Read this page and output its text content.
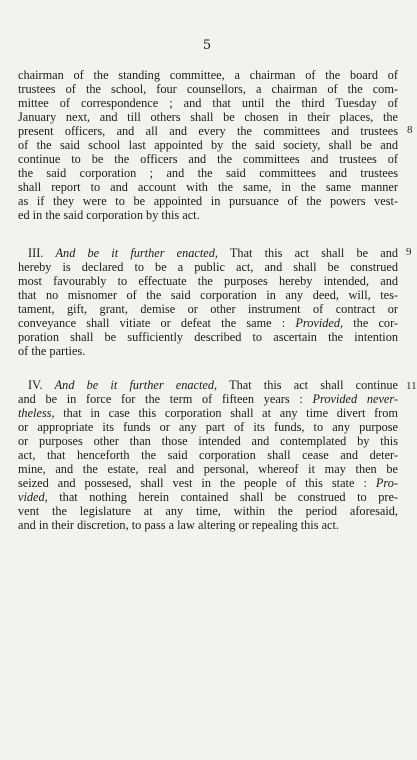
5
chairman of the standing committee, a chairman of the board of
trustees of the school, four counsellors, a chairman of the com-
mittee of correspondence ; and that until the third Tuesday of
January next, and till others shall be chosen in their places, the
present officers, and all and every the committees and trustees
of the said school last appointed by the said society, shall be and
continue to be the officers and the committees and trustees of
the said corporation ; and the said committees and trustees
shall report to and account with the same, in the same manner
as if they were to be appointed in pursuance of the powers vest-
ed in the said corporation by this act.
III. And be it further enacted, That this act shall be and
hereby is declared to be a public act, and shall be construed
most favourably to effectuate the purposes hereby intended, and
that no misnomer of the said corporation in any deed, will, tes-
tament, gift, grant, demise or other instrument of contract or
conveyance shall vitiate or defeat the same : Provided, the cor-
poration shall be sufficiently described to ascertain the intention
of the parties.
IV. And be it further enacted, That this act shall continue
and be in force for the term of fifteen years : Provided never-
theless, that in case this corporation shall at any time divert from
or appropriate its funds or any part of its funds, to any purpose
or purposes other than those intended and contemplated by this
act, that henceforth the said corporation shall cease and deter-
mine, and the estate, real and personal, whereof it may then be
seized and possesed, shall vest in the people of this state : Pro-
vided, that nothing herein contained shall be construed to pre-
vent the legislature at any time, within the period aforesaid,
and in their discretion, to pass a law altering or repealing this act.
8
9
11
